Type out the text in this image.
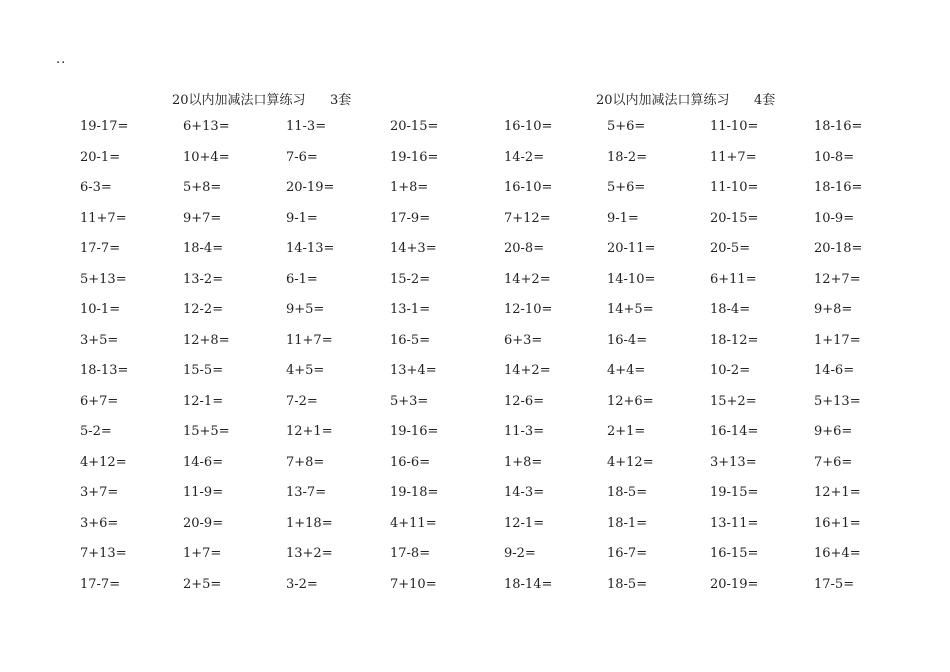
..
20以内加减法口算练习 3套
19-17=	6+13=	11-3=	20-15=
20-1=	10+4=	7-6=	19-16=
6-3=	5+8=	20-19=	1+8=
11+7=	9+7=	9-1=	17-9=
17-7=	18-4=	14-13=	14+3=
5+13=	13-2=	6-1=	15-2=
10-1=	12-2=	9+5=	13-1=
3+5=	12+8=	11+7=	16-5=
18-13=	15-5=	4+5=	13+4=
6+7=	12-1=	7-2=	5+3=
5-2=	15+5=	12+1=	19-16=
4+12=	14-6=	7+8=	16-6=
3+7=	11-9=	13-7=	19-18=
3+6=	20-9=	1+18=	4+11=
7+13=	1+7=	13+2=	17-8=
17-7=	2+5=	3-2=	7+10=
20以内加减法口算练习 4套
16-10=	5+6=	11-10=	18-16=
14-2=	18-2=	11+7=	10-8=
16-10=	5+6=	11-10=	18-16=
7+12=	9-1=	20-15=	10-9=
20-8=	20-11=	20-5=	20-18=
14+2=	14-10=	6+11=	12+7=
12-10=	14+5=	18-4=	9+8=
6+3=	16-4=	18-12=	1+17=
14+2=	4+4=	10-2=	14-6=
12-6=	12+6=	15+2=	5+13=
11-3=	2+1=	16-14=	9+6=
1+8=	4+12=	3+13=	7+6=
14-3=	18-5=	19-15=	12+1=
12-1=	18-1=	13-11=	16+1=
9-2=	16-7=	16-15=	16+4=
18-14=	18-5=	20-19=	17-5=
